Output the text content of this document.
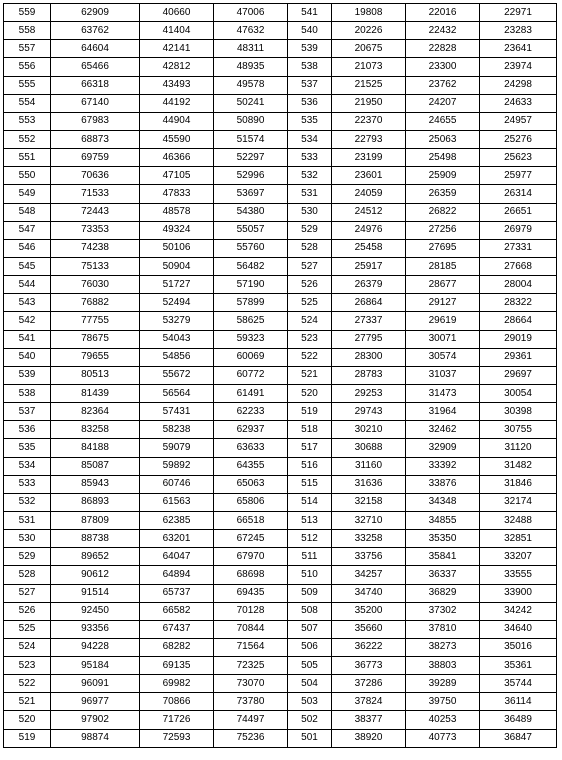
559	62909	40660	47006	541	19808	22016	22971
558	63762	41404	47632	540	20226	22432	23283
557	64604	42141	48311	539	20675	22828	23641
556	65466	42812	48935	538	21073	23300	23974
555	66318	43493	49578	537	21525	23762	24298
554	67140	44192	50241	536	21950	24207	24633
553	67983	44904	50890	535	22370	24655	24957
552	68873	45590	51574	534	22793	25063	25276
551	69759	46366	52297	533	23199	25498	25623
550	70636	47105	52996	532	23601	25909	25977
549	71533	47833	53697	531	24059	26359	26314
548	72443	48578	54380	530	24512	26822	26651
547	73353	49324	55057	529	24976	27256	26979
546	74238	50106	55760	528	25458	27695	27331
545	75133	50904	56482	527	25917	28185	27668
544	76030	51727	57190	526	26379	28677	28004
543	76882	52494	57899	525	26864	29127	28322
542	77755	53279	58625	524	27337	29619	28664
541	78675	54043	59323	523	27795	30071	29019
540	79655	54856	60069	522	28300	30574	29361
539	80513	55672	60772	521	28783	31037	29697
538	81439	56564	61491	520	29253	31473	30054
537	82364	57431	62233	519	29743	31964	30398
536	83258	58238	62937	518	30210	32462	30755
535	84188	59079	63633	517	30688	32909	31120
534	85087	59892	64355	516	31160	33392	31482
533	85943	60746	65063	515	31636	33876	31846
532	86893	61563	65806	514	32158	34348	32174
531	87809	62385	66518	513	32710	34855	32488
530	88738	63201	67245	512	33258	35350	32851
529	89652	64047	67970	511	33756	35841	33207
528	90612	64894	68698	510	34257	36337	33555
527	91514	65737	69435	509	34740	36829	33900
526	92450	66582	70128	508	35200	37302	34242
525	93356	67437	70844	507	35660	37810	34640
524	94228	68282	71564	506	36222	38273	35016
523	95184	69135	72325	505	36773	38803	35361
522	96091	69982	73070	504	37286	39289	35744
521	96977	70866	73780	503	37824	39750	36114
520	97902	71726	74497	502	38377	40253	36489
519	98874	72593	75236	501	38920	40773	36847
